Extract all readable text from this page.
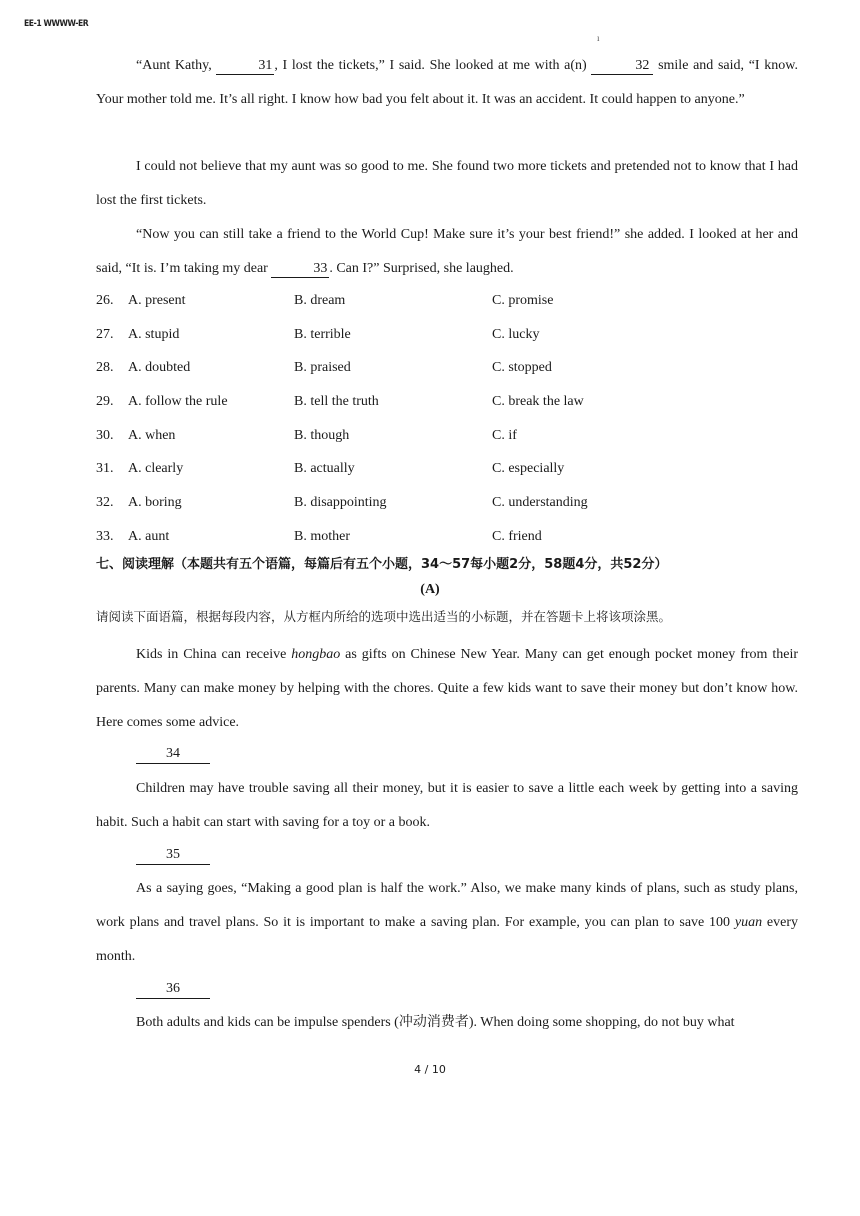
EE-1 WWWW-ER
ı

“Aunt Kathy,	31 , I lost the tickets,” I said. She looked at me with a(n)	32 smile and said, “I know. Your mother told me. It’s all right. I know how bad you felt about it. It was an accident. It could happen to anyone.”

I could not believe that my aunt was so good to me. She found two more tickets and pretended not to know that I had lost the first tickets.

“Now you can still take a friend to the World Cup! Make sure it’s your best friend!” she added. I looked at her and said, “It is. I’m taking my dear	33 . Can I?” Surprised, she laughed.

26. A. present	B. dream	C. promise
27. A. stupid	B. terrible	C. lucky
28. A. doubted	B. praised	C. stopped
29. A. follow the rule	B. tell the truth	C. break the law
30. A. when	B. though	C. if
31. A. clearly	B. actually	C. especially
32. A. boring	B. disappointing	C. understanding
33. A. aunt	B. mother	C. friend
七、阅读理解（本题共有五个语篇，每篇后有五个小题，34～57每小题2分，58题4分，共52分）
(A)
请阅读下面语篇，根据每段内容，从方框内所给的选项中选出适当的小标题，并在答题卡上将该项涂黑。

Kids in China can receive hongbao as gifts on Chinese New Year. Many can get enough pocket money from their parents. Many can make money by helping with the chores. Quite a few kids want to save their money but don’t know how. Here comes some advice.

34

Children may have trouble saving all their money, but it is easier to save a little each week by getting into a saving habit. Such a habit can start with saving for a toy or a book.

35

As a saying goes, “Making a good plan is half the work.” Also, we make many kinds of plans, such as study plans, work plans and travel plans. So it is important to make a saving plan. For example, you can plan to save 100 yuan every month.

36

Both adults and kids can be impulse spenders (冲动消费者). When doing some shopping, do not buy what

4 / 10
